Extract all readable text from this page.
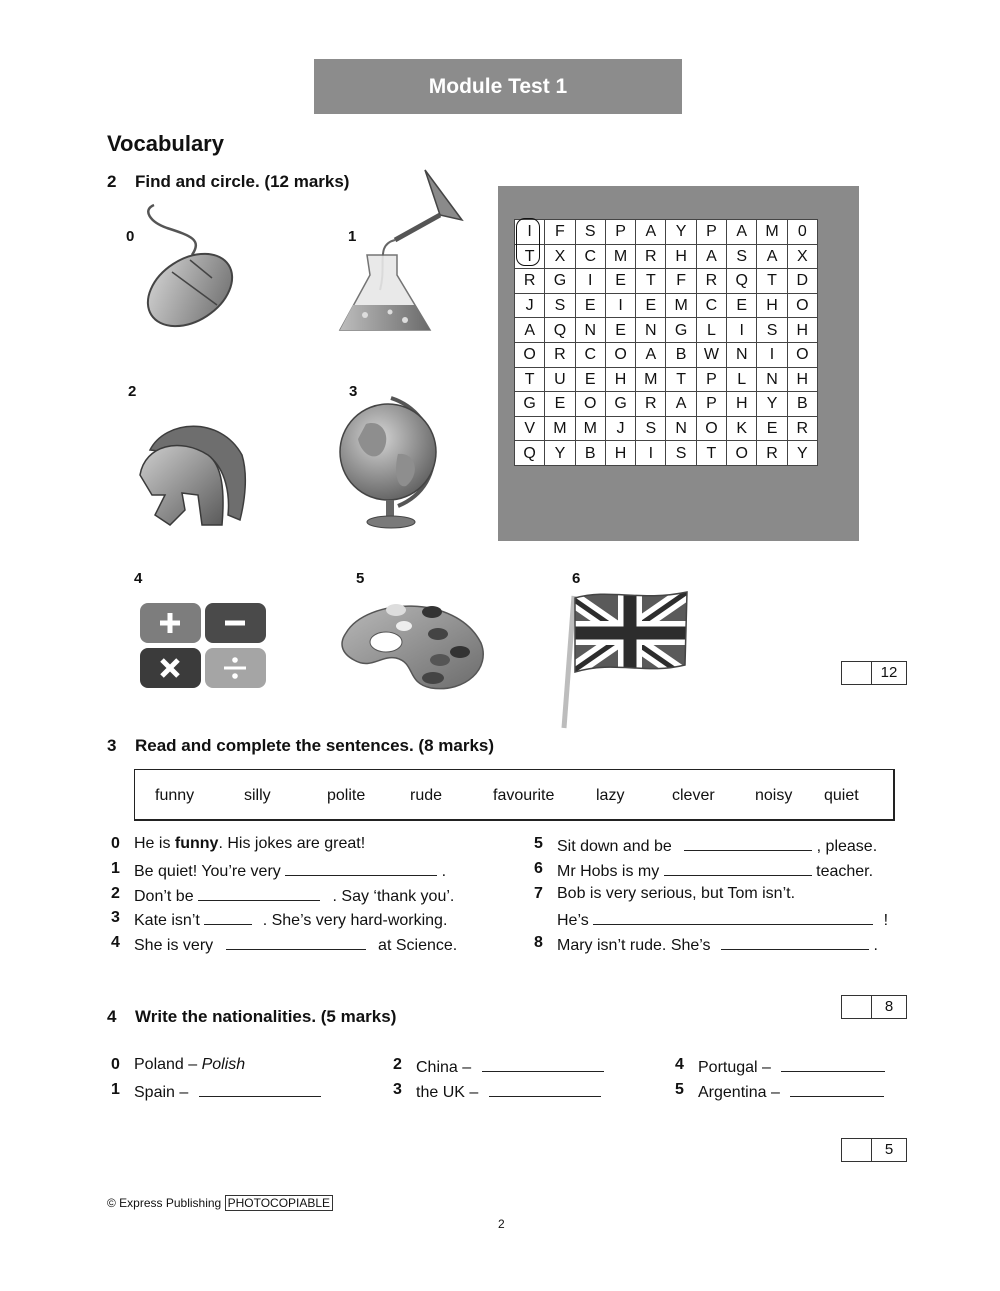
Module Test 1
Vocabulary
2 Find and circle. (12 marks)
0	1
2	3
4	5	6
I	F	S	P	A	Y	P	A	M	0
T	X	C	M	R	H	A	S	A	X
R	G	I	E	T	F	R	Q	T	D
J	S	E	I	E	M	C	E	H	O
A	Q	N	E	N	G	L	I	S	H
O	R	C	O	A	B	W	N	I	O
T	U	E	H	M	T	P	L	N	H
G	E	O	G	R	A	P	H	Y	B
V	M	M	J	S	N	O	K	E	R
Q	Y	B	H	I	S	T	O	R	Y
12
3 Read and complete the sentences. (8 marks)
funny	silly	polite	rude	favourite	lazy	clever	noisy quiet
0 He is funny. His jokes are great!
1 Be quiet! You’re very	.
2 Don’t be	. Say ‘thank you’.
3 Kate isn’t	. She’s very hard-working.
4 She is very	at Science.
5 Sit down and be	, please.
6 Mr Hobs is my	teacher.
7 Bob is very serious, but Tom isn’t.
He’s	!
8 Mary isn’t rude. She’s	.
8
4 Write the nationalities. (5 marks)
0 Poland – Polish
1 Spain –
2 China –
3 the UK –
4 Portugal –
5 Argentina –
5
© Express Publishing PHOTOCOPIABLE
2
